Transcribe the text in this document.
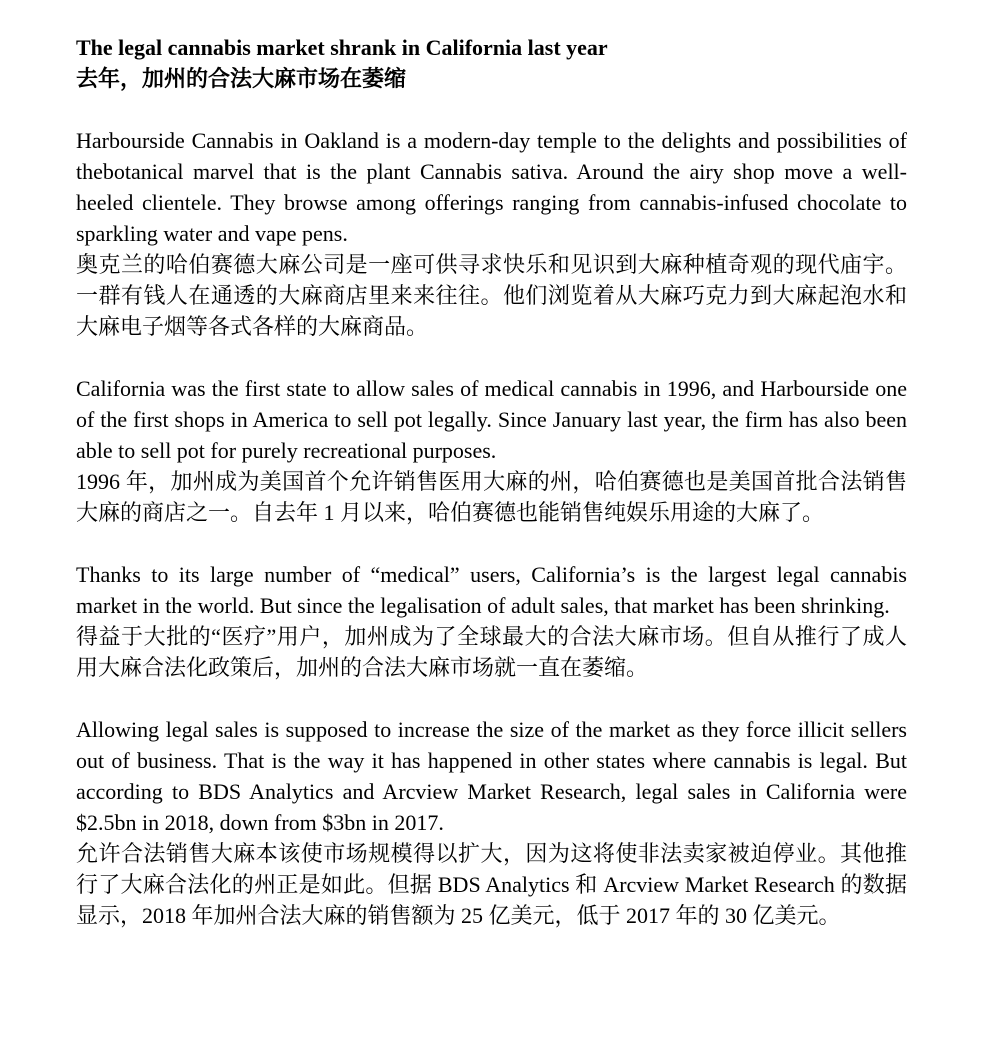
The legal cannabis market shrank in California last year

去年，加州的合法大麻市场在萎缩

Harbourside Cannabis in Oakland is a modern-day temple to the delights and possibilities of thebotanical marvel that is the plant Cannabis sativa. Around the airy shop move a well-heeled clientele. They browse among offerings ranging from cannabis-infused chocolate to sparkling water and vape pens.

奥克兰的哈伯赛德大麻公司是一座可供寻求快乐和见识到大麻种植奇观的现代庙宇。一群有钱人在通透的大麻商店里来来往往。他们浏览着从大麻巧克力到大麻起泡水和大麻电子烟等各式各样的大麻商品。

California was the first state to allow sales of medical cannabis in 1996, and Harbourside one of the first shops in America to sell pot legally. Since January last year, the firm has also been able to sell pot for purely recreational purposes.

1996 年，加州成为美国首个允许销售医用大麻的州，哈伯赛德也是美国首批合法销售大麻的商店之一。自去年 1 月以来，哈伯赛德也能销售纯娱乐用途的大麻了。

Thanks to its large number of “medical” users, California’s is the largest legal cannabis market in the world. But since the legalisation of adult sales, that market has been shrinking.

得益于大批的“医疗”用户，加州成为了全球最大的合法大麻市场。但自从推行了成人用大麻合法化政策后，加州的合法大麻市场就一直在萎缩。

Allowing legal sales is supposed to increase the size of the market as they force illicit sellers out of business. That is the way it has happened in other states where cannabis is legal. But according to BDS Analytics and Arcview Market Research, legal sales in California were $2.5bn in 2018, down from $3bn in 2017.

允许合法销售大麻本该使市场规模得以扩大，因为这将使非法卖家被迫停业。其他推行了大麻合法化的州正是如此。但据 BDS Analytics 和 Arcview Market Research 的数据显示，2018 年加州合法大麻的销售额为 25 亿美元，低于 2017 年的 30 亿美元。
